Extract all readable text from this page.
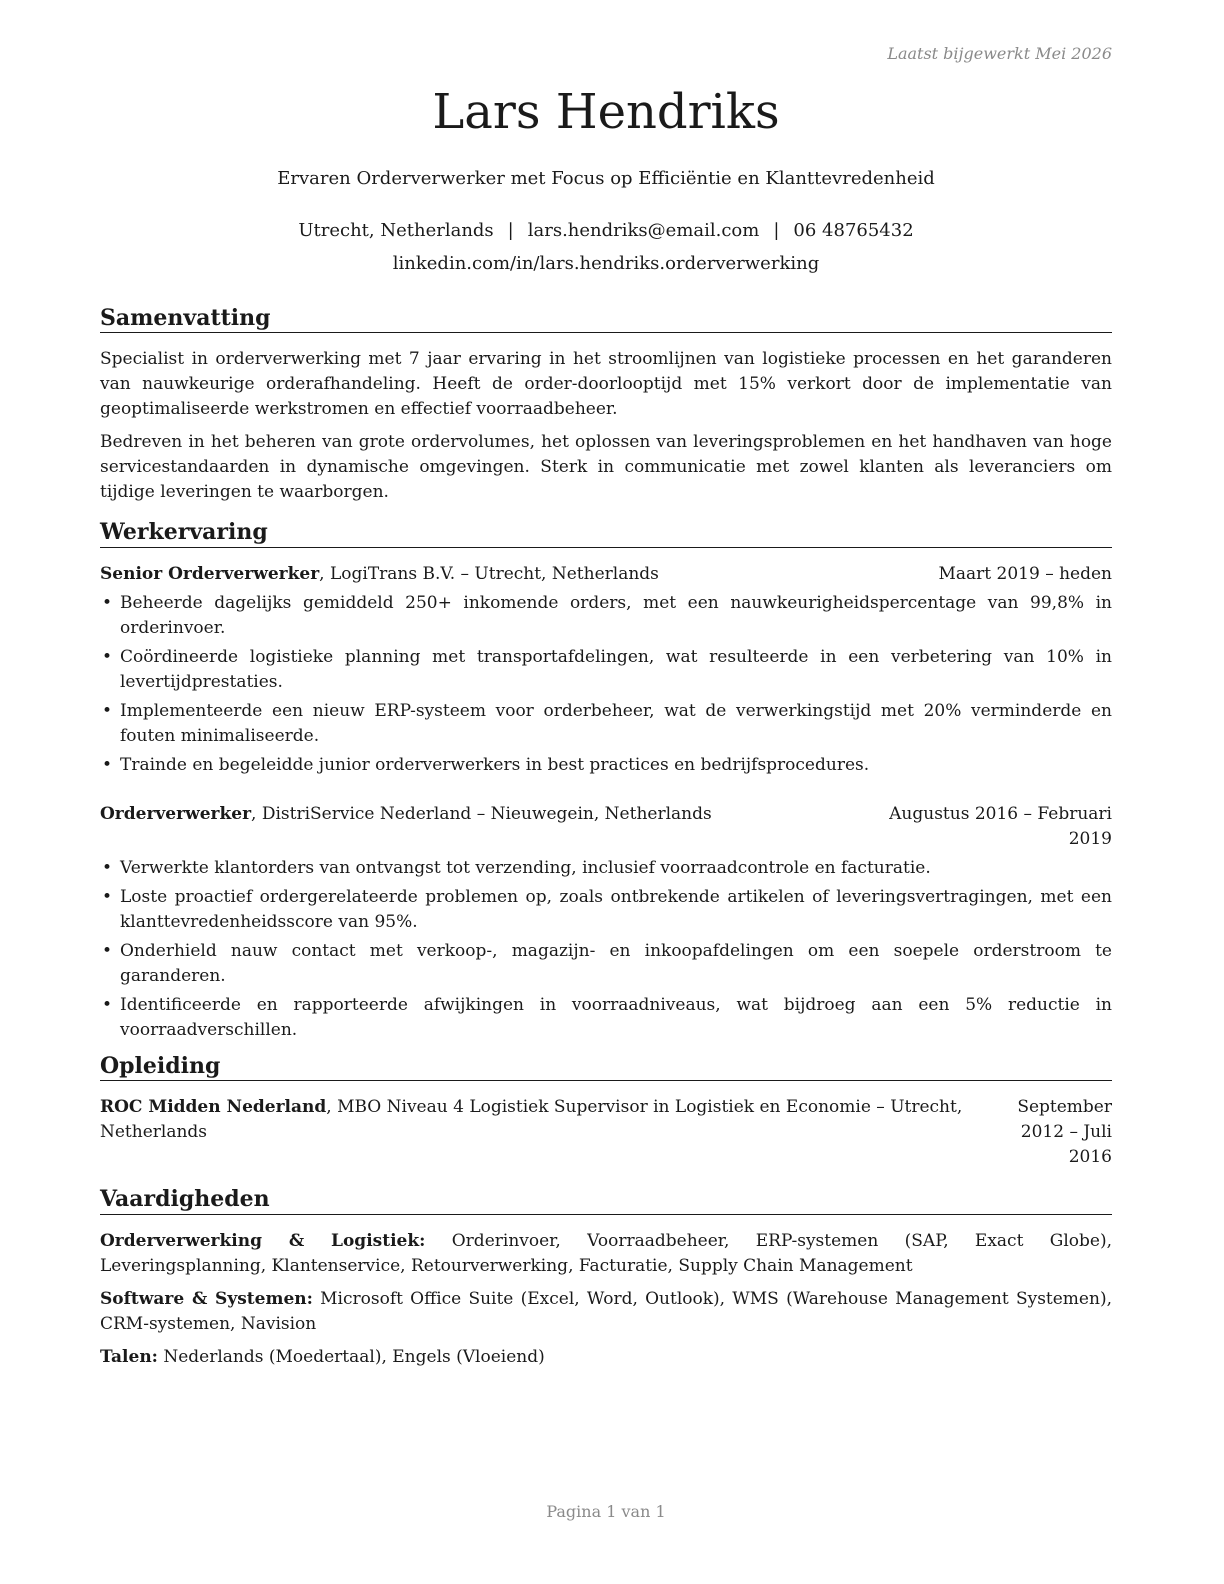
Laatst bijgewerkt Mei 2026
Lars Hendriks
Ervaren Orderverwerker met Focus op Efficiëntie en Klanttevredenheid
Utrecht, Netherlands | lars.hendriks@email.com | 06 48765432
linkedin.com/in/lars.hendriks.orderverwerking
Samenvatting

Specialist in orderverwerking met 7 jaar ervaring in het stroomlijnen van logistieke processen en het garanderen van nauwkeurige orderafhandeling. Heeft de order-doorlooptijd met 15% verkort door de implementatie van geoptimaliseerde werkstromen en effectief voorraadbeheer.

Bedreven in het beheren van grote ordervolumes, het oplossen van leveringsproblemen en het handhaven van hoge servicestandaarden in dynamische omgevingen. Sterk in communicatie met zowel klanten als leveranciers om tijdige leveringen te waarborgen.

Werkervaring
Senior Orderverwerker, LogiTrans B.V. – Utrecht, Netherlands	Maart 2019 – heden
• Beheerde dagelijks gemiddeld 250+ inkomende orders, met een nauwkeurigheidspercentage van 99,8% in orderinvoer.
• Coördineerde logistieke planning met transportafdelingen, wat resulteerde in een verbetering van 10% in levertijdprestaties.
• Implementeerde een nieuw ERP-systeem voor orderbeheer, wat de verwerkingstijd met 20% verminderde en fouten minimaliseerde.
• Trainde en begeleidde junior orderverwerkers in best practices en bedrijfsprocedures.
Orderverwerker, DistriService Nederland – Nieuwegein, Netherlands	Augustus 2016 – Februari 2019
• Verwerkte klantorders van ontvangst tot verzending, inclusief voorraadcontrole en facturatie.
• Loste proactief ordergerelateerde problemen op, zoals ontbrekende artikelen of leveringsvertragingen, met een klanttevredenheidsscore van 95%.
• Onderhield nauw contact met verkoop-, magazijn- en inkoopafdelingen om een soepele orderstroom te garanderen.
• Identificeerde en rapporteerde afwijkingen in voorraadniveaus, wat bijdroeg aan een 5% reductie in voorraadverschillen.
Opleiding
ROC Midden Nederland, MBO Niveau 4 Logistiek Supervisor in Logistiek en Economie – Utrecht, Netherlands
September 2012 – Juli 2016
Vaardigheden
Orderverwerking & Logistiek: Orderinvoer, Voorraadbeheer, ERP-systemen (SAP, Exact Globe), Leveringsplanning, Klantenservice, Retourverwerking, Facturatie, Supply Chain Management
Software & Systemen: Microsoft Office Suite (Excel, Word, Outlook), WMS (Warehouse Management Systemen), CRM-systemen, Navision
Talen: Nederlands (Moedertaal), Engels (Vloeiend)
Pagina 1 van 1
